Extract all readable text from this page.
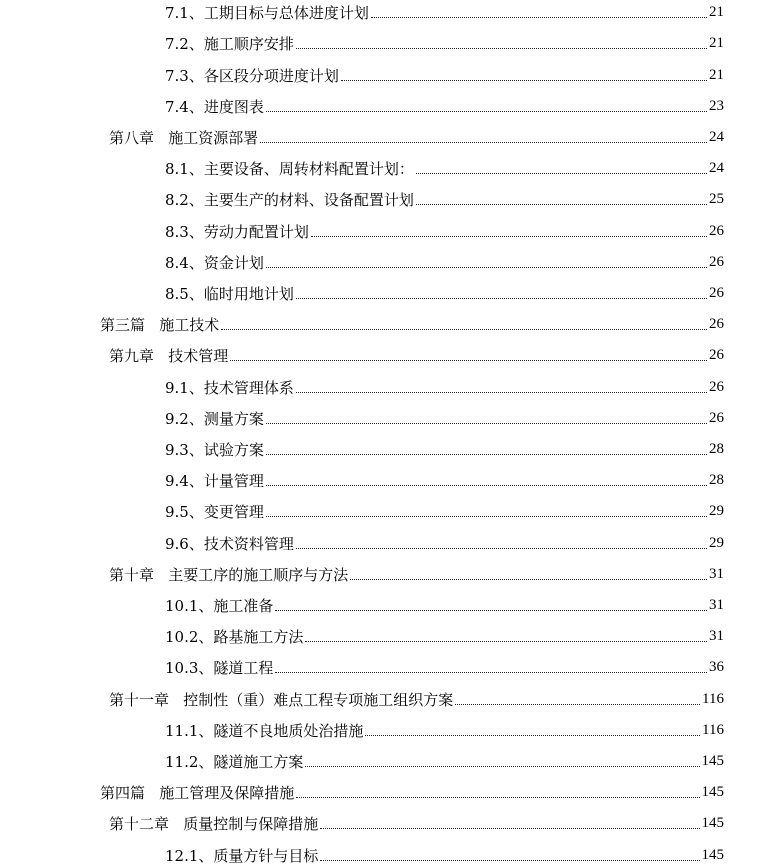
7.1、工期目标与总体进度计划	21
7.2、施工顺序安排	21
7.3、各区段分项进度计划	21
7.4、进度图表	23
第八章   施工资源部署	24
8.1、主要设备、周转材料配置计划：	24
8.2、主要生产的材料、设备配置计划	25
8.3、劳动力配置计划	26
8.4、资金计划	26
8.5、临时用地计划	26
第三篇   施工技术	26
第九章   技术管理	26
9.1、技术管理体系	26
9.2、测量方案	26
9.3、试验方案	28
9.4、计量管理	28
9.5、变更管理	29
9.6、技术资料管理	29
第十章   主要工序的施工顺序与方法	31
10.1、施工准备	31
10.2、路基施工方法	31
10.3、隧道工程	36
第十一章   控制性（重）难点工程专项施工组织方案	116
11.1、隧道不良地质处治措施	116
11.2、隧道施工方案	145
第四篇   施工管理及保障措施	145
第十二章   质量控制与保障措施	145
12.1、质量方针与目标	145
